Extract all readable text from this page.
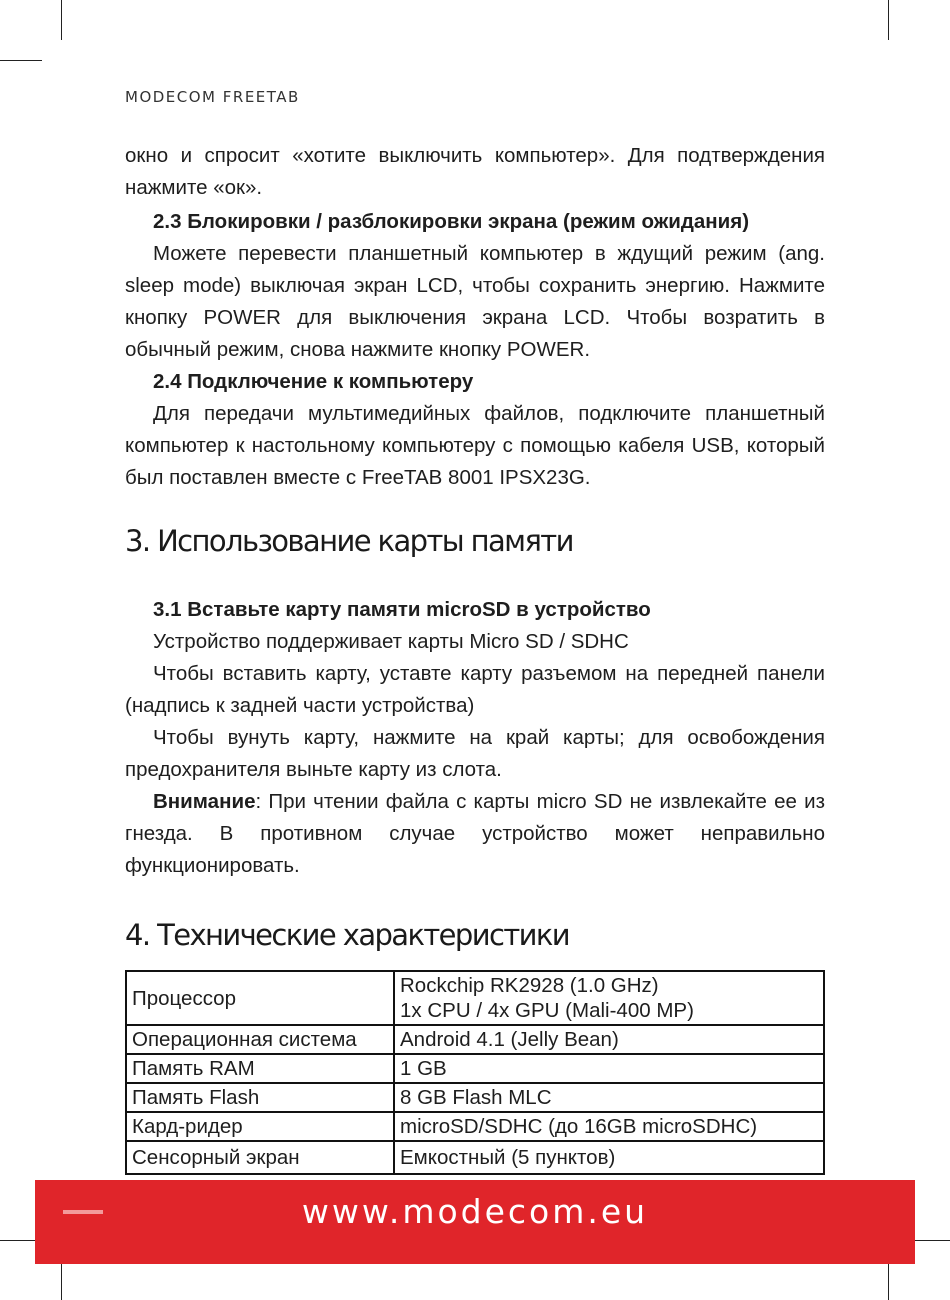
MODECOM FREETAB

окно и спросит «хотите выключить компьютер». Для подтверждения нажмите «ок».

2.3 Блокировки / разблокировки экрана (режим ожидания)

Можете перевести планшетный компьютер в ждущий режим (ang. sleep mode) выключая экран LCD, чтобы сохранить энергию. Нажмите кнопку POWER для выключения экрана LCD. Чтобы возратить в обычный режим, снова нажмите кнопку POWER.

2.4 Подключение к компьютеру

Для передачи мультимедийных файлов, подключите планшетный компьютер к настольному компьютеру с помощью кабеля USB, который был поставлен вместе с FreeTAB 8001 IPSX23G.

3. Использование карты памяти

3.1 Вставьте карту памяти microSD в устройство

Устройство поддерживает карты Micro SD / SDHC

Чтобы вставить карту, уставте карту разъемом на передней панели (надпись к задней части устройства)

Чтобы вунуть карту, нажмите на край карты; для освобождения предохранителя выньте карту из слота.

Внимание: При чтении файла с карты micro SD не извлекайте ее из гнезда. В противном случае устройство может неправильно функционировать.

4. Технические характеристики
Процессор	Rockchip RK2928 (1.0 GHz)
1x CPU / 4x GPU (Mali-400 MP)
Операционная система	Android 4.1 (Jelly Bean)
Память RAM	1 GB
Память Flash	8 GB Flash MLC
Кард-ридер	microSD/SDHC (до 16GB microSDHC)
Сенсорный экран	Емкостный (5 пунктов)
www.modecom.eu
